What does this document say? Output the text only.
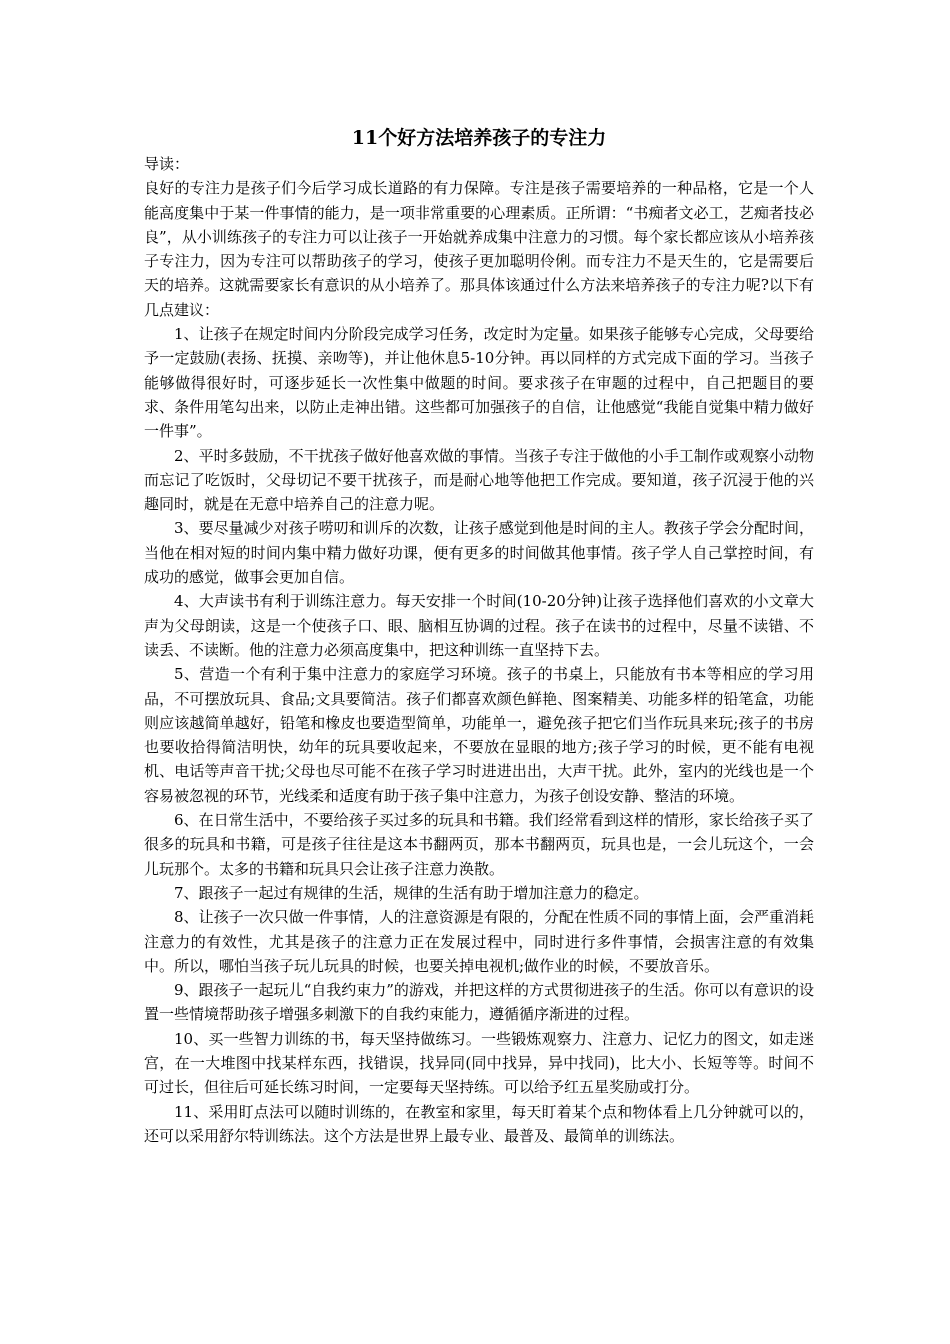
11个好方法培养孩子的专注力

导读：

良好的专注力是孩子们今后学习成长道路的有力保障。专注是孩子需要培养的一种品格，它是一个人能高度集中于某一件事情的能力，是一项非常重要的心理素质。正所谓：“书痴者文必工，艺痴者技必良”，从小训练孩子的专注力可以让孩子一开始就养成集中注意力的习惯。每个家长都应该从小培养孩子专注力，因为专注可以帮助孩子的学习，使孩子更加聪明伶俐。而专注力不是天生的，它是需要后天的培养。这就需要家长有意识的从小培养了。那具体该通过什么方法来培养孩子的专注力呢?以下有几点建议：

1、让孩子在规定时间内分阶段完成学习任务，改定时为定量。如果孩子能够专心完成，父母要给予一定鼓励(表扬、抚摸、亲吻等)，并让他休息5-10分钟。再以同样的方式完成下面的学习。当孩子能够做得很好时，可逐步延长一次性集中做题的时间。要求孩子在审题的过程中，自己把题目的要求、条件用笔勾出来，以防止走神出错。这些都可加强孩子的自信，让他感觉“我能自觉集中精力做好一件事”。

2、平时多鼓励，不干扰孩子做好他喜欢做的事情。当孩子专注于做他的小手工制作或观察小动物而忘记了吃饭时，父母切记不要干扰孩子，而是耐心地等他把工作完成。要知道，孩子沉浸于他的兴趣同时，就是在无意中培养自己的注意力呢。

3、要尽量减少对孩子唠叨和训斥的次数，让孩子感觉到他是时间的主人。教孩子学会分配时间，当他在相对短的时间内集中精力做好功课，便有更多的时间做其他事情。孩子学人自己掌控时间，有成功的感觉，做事会更加自信。

4、大声读书有利于训练注意力。每天安排一个时间(10-20分钟)让孩子选择他们喜欢的小文章大声为父母朗读，这是一个使孩子口、眼、脑相互协调的过程。孩子在读书的过程中，尽量不读错、不读丢、不读断。他的注意力必须高度集中，把这种训练一直坚持下去。

5、营造一个有利于集中注意力的家庭学习环境。孩子的书桌上，只能放有书本等相应的学习用品，不可摆放玩具、食品;文具要简洁。孩子们都喜欢颜色鲜艳、图案精美、功能多样的铅笔盒，功能则应该越简单越好，铅笔和橡皮也要造型简单，功能单一，避免孩子把它们当作玩具来玩;孩子的书房也要收拾得简洁明快，幼年的玩具要收起来，不要放在显眼的地方;孩子学习的时候，更不能有电视机、电话等声音干扰;父母也尽可能不在孩子学习时进进出出，大声干扰。此外，室内的光线也是一个容易被忽视的环节，光线柔和适度有助于孩子集中注意力，为孩子创设安静、整洁的环境。

6、在日常生活中，不要给孩子买过多的玩具和书籍。我们经常看到这样的情形，家长给孩子买了很多的玩具和书籍，可是孩子往往是这本书翻两页，那本书翻两页，玩具也是，一会儿玩这个，一会儿玩那个。太多的书籍和玩具只会让孩子注意力涣散。

7、跟孩子一起过有规律的生活，规律的生活有助于增加注意力的稳定。

8、让孩子一次只做一件事情，人的注意资源是有限的，分配在性质不同的事情上面，会严重消耗注意力的有效性，尤其是孩子的注意力正在发展过程中，同时进行多件事情，会损害注意的有效集中。所以，哪怕当孩子玩儿玩具的时候，也要关掉电视机;做作业的时候，不要放音乐。

9、跟孩子一起玩儿“自我约束力”的游戏，并把这样的方式贯彻进孩子的生活。你可以有意识的设置一些情境帮助孩子增强多刺激下的自我约束能力，遵循循序渐进的过程。

10、买一些智力训练的书，每天坚持做练习。一些锻炼观察力、注意力、记忆力的图文，如走迷宫，在一大堆图中找某样东西，找错误，找异同(同中找异，异中找同)，比大小、长短等等。时间不可过长，但往后可延长练习时间，一定要每天坚持练。可以给予红五星奖励或打分。

11、采用盯点法可以随时训练的，在教室和家里，每天盯着某个点和物体看上几分钟就可以的，还可以采用舒尔特训练法。这个方法是世界上最专业、最普及、最简单的训练法。
